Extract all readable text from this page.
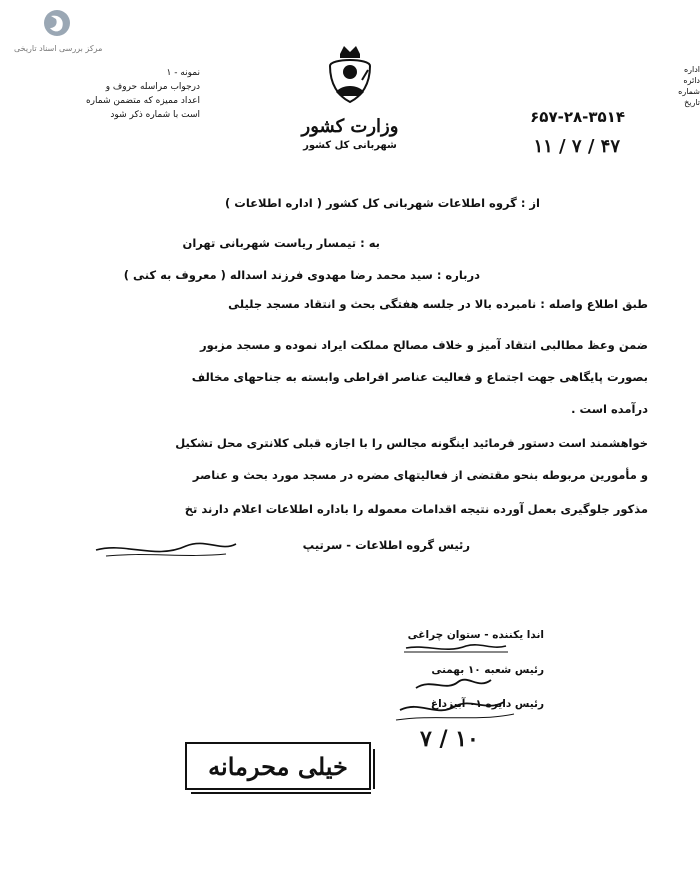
مرکز بررسی اسناد تاریخی
نمونه - ۱
درجواب مراسله حروف و
اعداد ممیزه که متضمن شماره
است با شماره ذکر شود
وزارت کشور
شهربانی کل کشور
اداره
دائره
شماره
تاریخ
۶۵۷-۲۸-۳۵۱۴
۱۱ / ۷ / ۴۷
از : گروه اطلاعات شهربانی کل کشور ( اداره اطلاعات )
به : تیمسار ریاست شهربانی تهران
درباره : سید محمد رضا مهدوی فرزند اسداله ( معروف به کنی )
طبق اطلاع واصله : نامبرده بالا در جلسه هفتگی بحث و انتقاد مسجد جلیلی
ضمن وعظ مطالبی انتقاد آمیز و خلاف مصالح مملکت ایراد نموده و مسجد مزبور
بصورت پایگاهی جهت اجتماع و فعالیت عناصر افراطی وابسته به جناحهای مخالف
درآمده است .
خواهشمند است دستور فرمائید اینگونه مجالس را با اجازه قبلی کلانتری محل تشکیل
و مأمورین مربوطه بنحو مقتضی از فعالیتهای مضره در مسجد مورد بحث و عناصر
مذکور جلوگیری بعمل آورده نتیجه اقدامات معموله را باداره اطلاعات اعلام دارند تخ
رئیس گروه اطلاعات - سرتیپ
اندا یکننده - ستوان چراغی
رئیس شعبه ۱۰ بهمنی
رئیس دایره ۰۱ آبیزداغ
۷ / ۱۰
خیلی محرمانه
